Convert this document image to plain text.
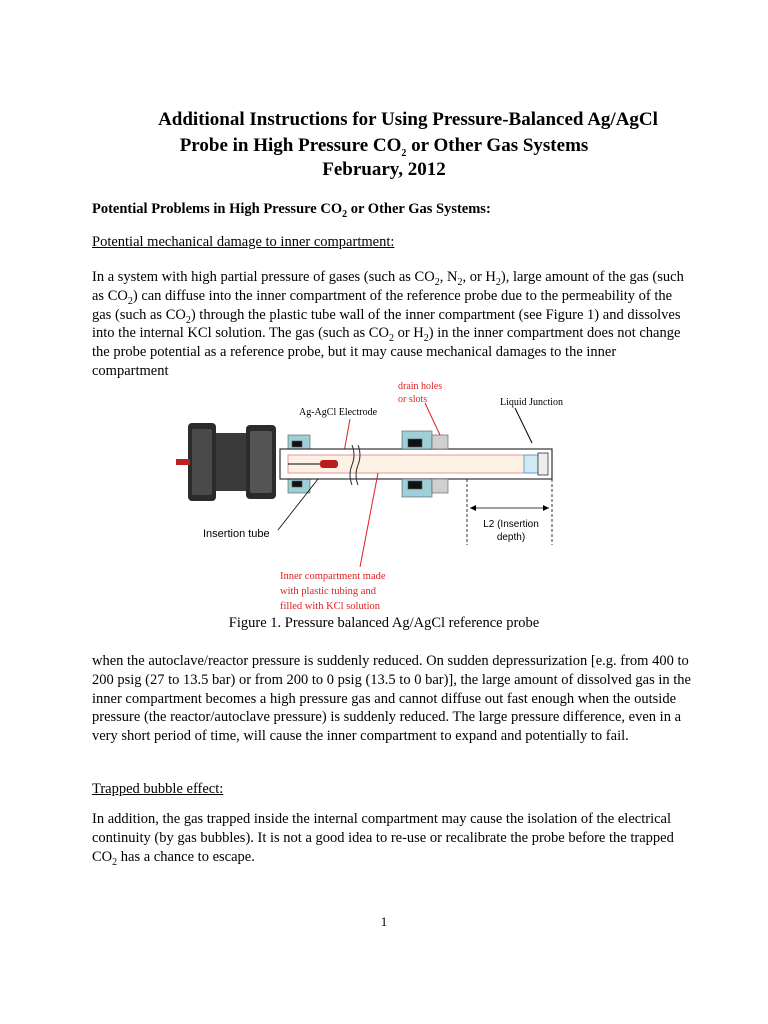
Additional Instructions for Using Pressure-Balanced Ag/AgCl
Probe in High Pressure $CO_2$ or Other Gas Systems
February, 2012
Potential Problems in High Pressure $CO_2$ or Other Gas Systems:
Potential mechanical damage to inner compartment:
In a system with high partial pressure of gases (such as $CO_2$, $N_2$, or $H_2$), large amount of the gas (such as $CO_2$) can diffuse into the inner compartment of the reference probe due to the permeability of the gas (such as $CO_2$) through the plastic tube wall of the inner compartment (see Figure 1) and dissolves into the internal KCl solution. The gas (such as $CO_2$ or $H_2$) in the inner compartment does not change the probe potential as a reference probe, but it may cause mechanical damages to the inner compartment
drain holes
or slots	Liquid Junction
Ag-AgCl Electrode
L2 (Insertion
depth)
Insertion tube
Inner compartment made
with plastic tubing and
filled with KCl solution
Figure 1. Pressure balanced Ag/AgCl reference probe
when the autoclave/reactor pressure is suddenly reduced. On sudden depressurization [e.g. from 400 to 200 psig (27 to 13.5 bar) or from 200 to 0 psig (13.5 to 0 bar)], the large amount of dissolved gas in the inner compartment becomes a high pressure gas and cannot diffuse out fast enough when the outside pressure (the reactor/autoclave pressure) is suddenly reduced. The large pressure difference, even in a very short period of time, will cause the inner compartment to expand and potentially to fail.
Trapped bubble effect:
In addition, the gas trapped inside the internal compartment may cause the isolation of the electrical continuity (by gas bubbles). It is not a good idea to re-use or recalibrate the probe before the trapped $CO_2$ has a chance to escape.
1
